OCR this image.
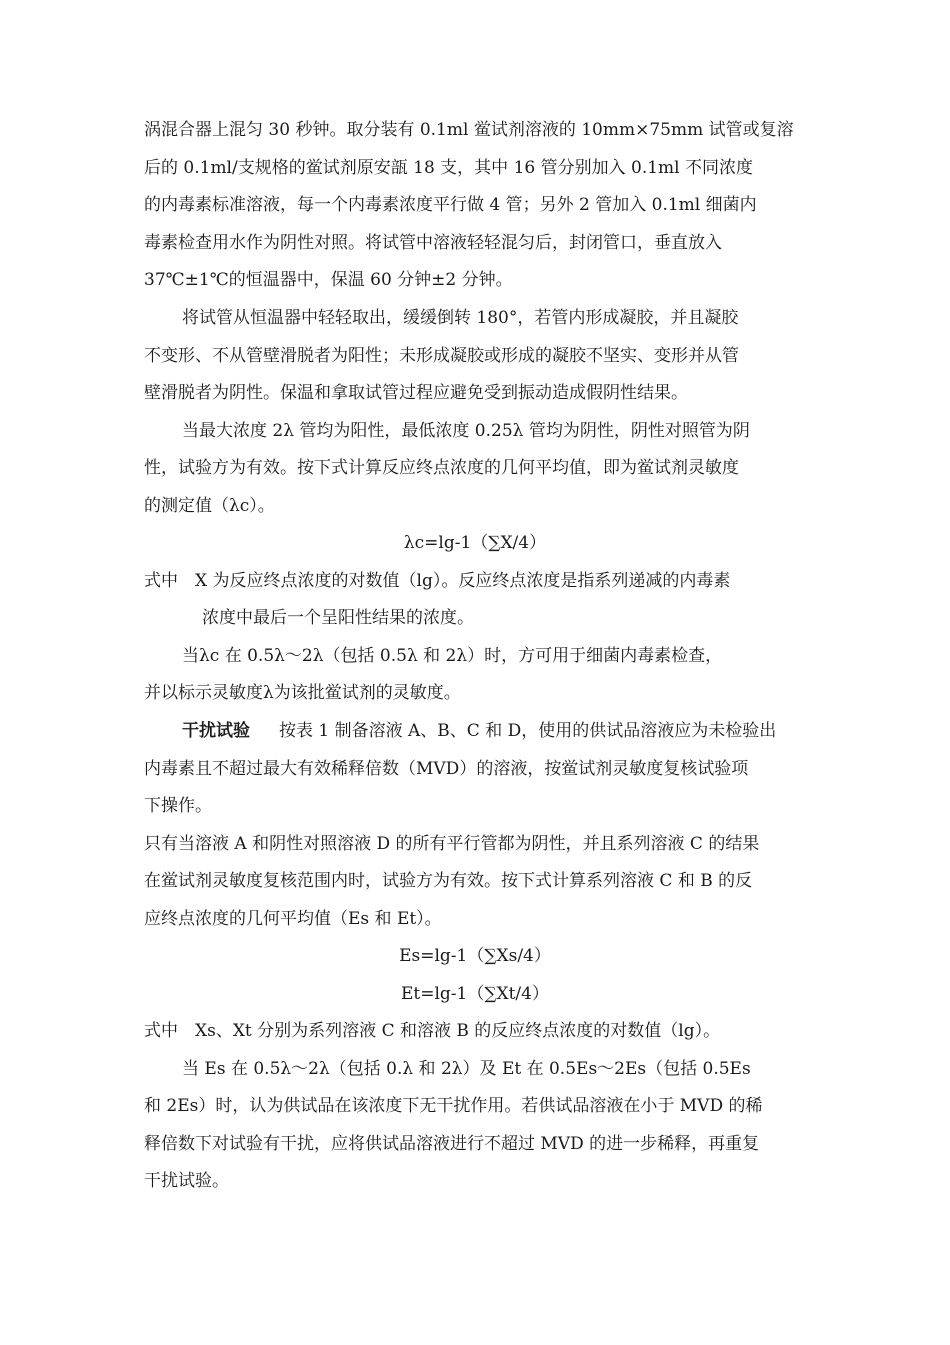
涡混合器上混匀 30 秒钟。取分装有 0.1ml 鲎试剂溶液的 10mm×75mm 试管或复溶
后的 0.1ml/支规格的鲎试剂原安瓿 18 支，其中 16 管分别加入 0.1ml 不同浓度
的内毒素标准溶液，每一个内毒素浓度平行做 4 管；另外 2 管加入 0.1ml 细菌内
毒素检查用水作为阴性对照。将试管中溶液轻轻混匀后，封闭管口，垂直放入
37℃±1℃的恒温器中，保温 60 分钟±2 分钟。
将试管从恒温器中轻轻取出，缓缓倒转 180°，若管内形成凝胶，并且凝胶
不变形、不从管壁滑脱者为阳性；未形成凝胶或形成的凝胶不坚实、变形并从管
壁滑脱者为阴性。保温和拿取试管过程应避免受到振动造成假阴性结果。
当最大浓度 2λ 管均为阳性，最低浓度 0.25λ 管均为阴性，阴性对照管为阴
性，试验方为有效。按下式计算反应终点浓度的几何平均值，即为鲎试剂灵敏度
的测定值（λc）。
λc=lg-1（∑X/4）
式中　X 为反应终点浓度的对数值（lg）。反应终点浓度是指系列递减的内毒素
浓度中最后一个呈阳性结果的浓度。
当λc 在 0.5λ～2λ（包括 0.5λ 和 2λ）时，方可用于细菌内毒素检查，
并以标示灵敏度λ为该批鲎试剂的灵敏度。
干扰试验 按表 1 制备溶液 A、B、C 和 D，使用的供试品溶液应为未检验出
内毒素且不超过最大有效稀释倍数（MVD）的溶液，按鲎试剂灵敏度复核试验项
下操作。
只有当溶液 A 和阴性对照溶液 D 的所有平行管都为阴性，并且系列溶液 C 的结果
在鲎试剂灵敏度复核范围内时，试验方为有效。按下式计算系列溶液 C 和 B 的反
应终点浓度的几何平均值（Es 和 Et）。
Es=lg-1（∑Xs/4）
Et=lg-1（∑Xt/4）
式中　Xs、Xt 分别为系列溶液 C 和溶液 B 的反应终点浓度的对数值（lg）。
当 Es 在 0.5λ～2λ（包括 0.λ 和 2λ）及 Et 在 0.5Es～2Es（包括 0.5Es
和 2Es）时，认为供试品在该浓度下无干扰作用。若供试品溶液在小于 MVD 的稀
释倍数下对试验有干扰，应将供试品溶液进行不超过 MVD 的进一步稀释，再重复
干扰试验。
